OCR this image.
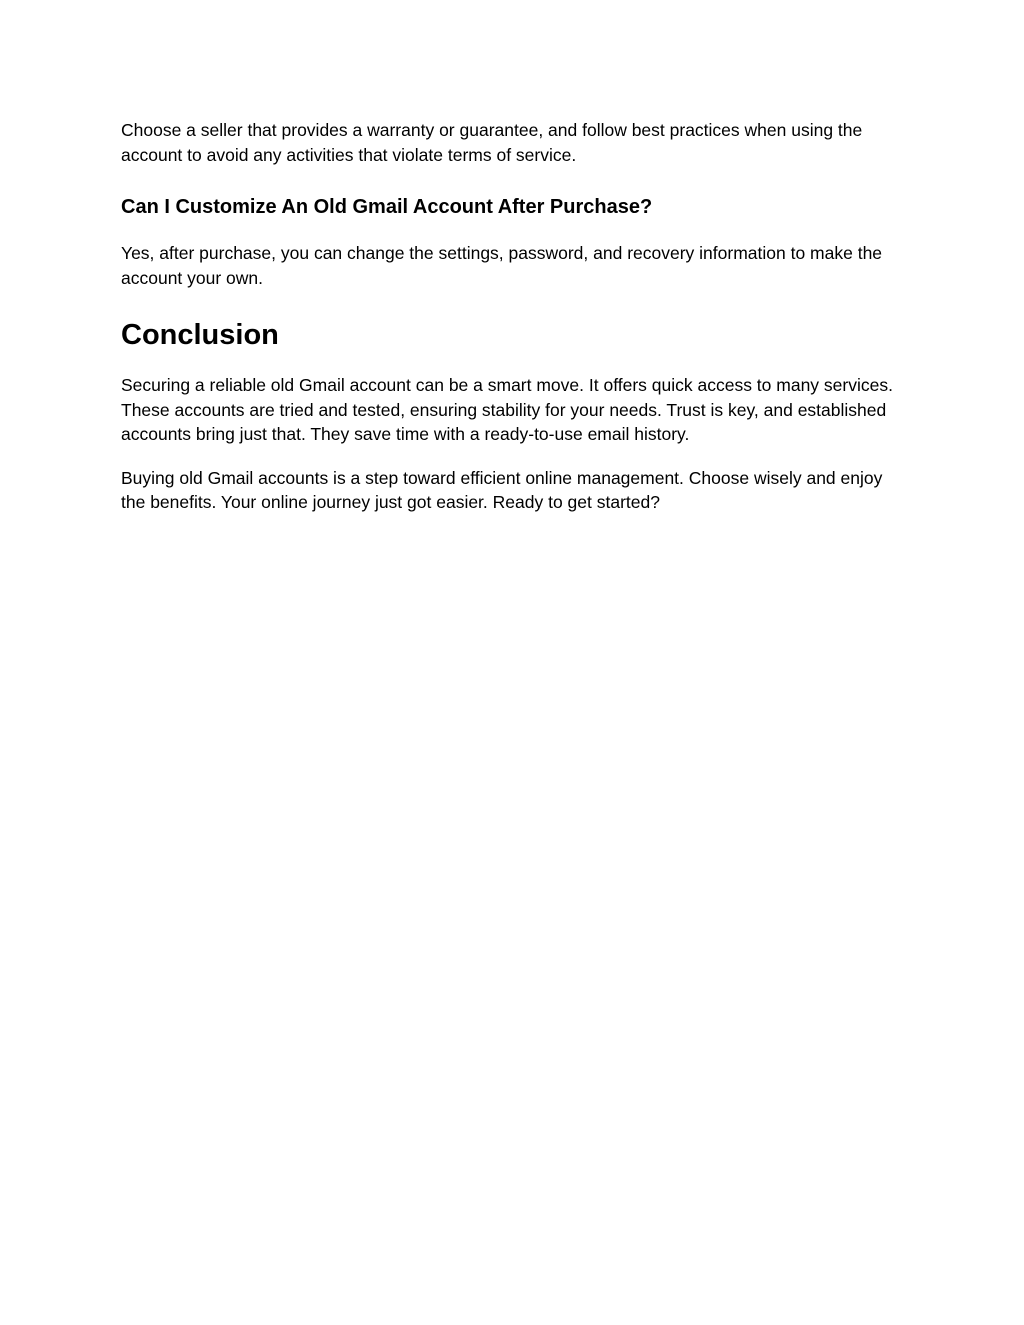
Choose a seller that provides a warranty or guarantee, and follow best practices when using the account to avoid any activities that violate terms of service.

Can I Customize An Old Gmail Account After Purchase?

Yes, after purchase, you can change the settings, password, and recovery information to make the account your own.

Conclusion

Securing a reliable old Gmail account can be a smart move. It offers quick access to many services. These accounts are tried and tested, ensuring stability for your needs. Trust is key, and established accounts bring just that. They save time with a ready-to-use email history.

Buying old Gmail accounts is a step toward efficient online management. Choose wisely and enjoy the benefits. Your online journey just got easier. Ready to get started?
